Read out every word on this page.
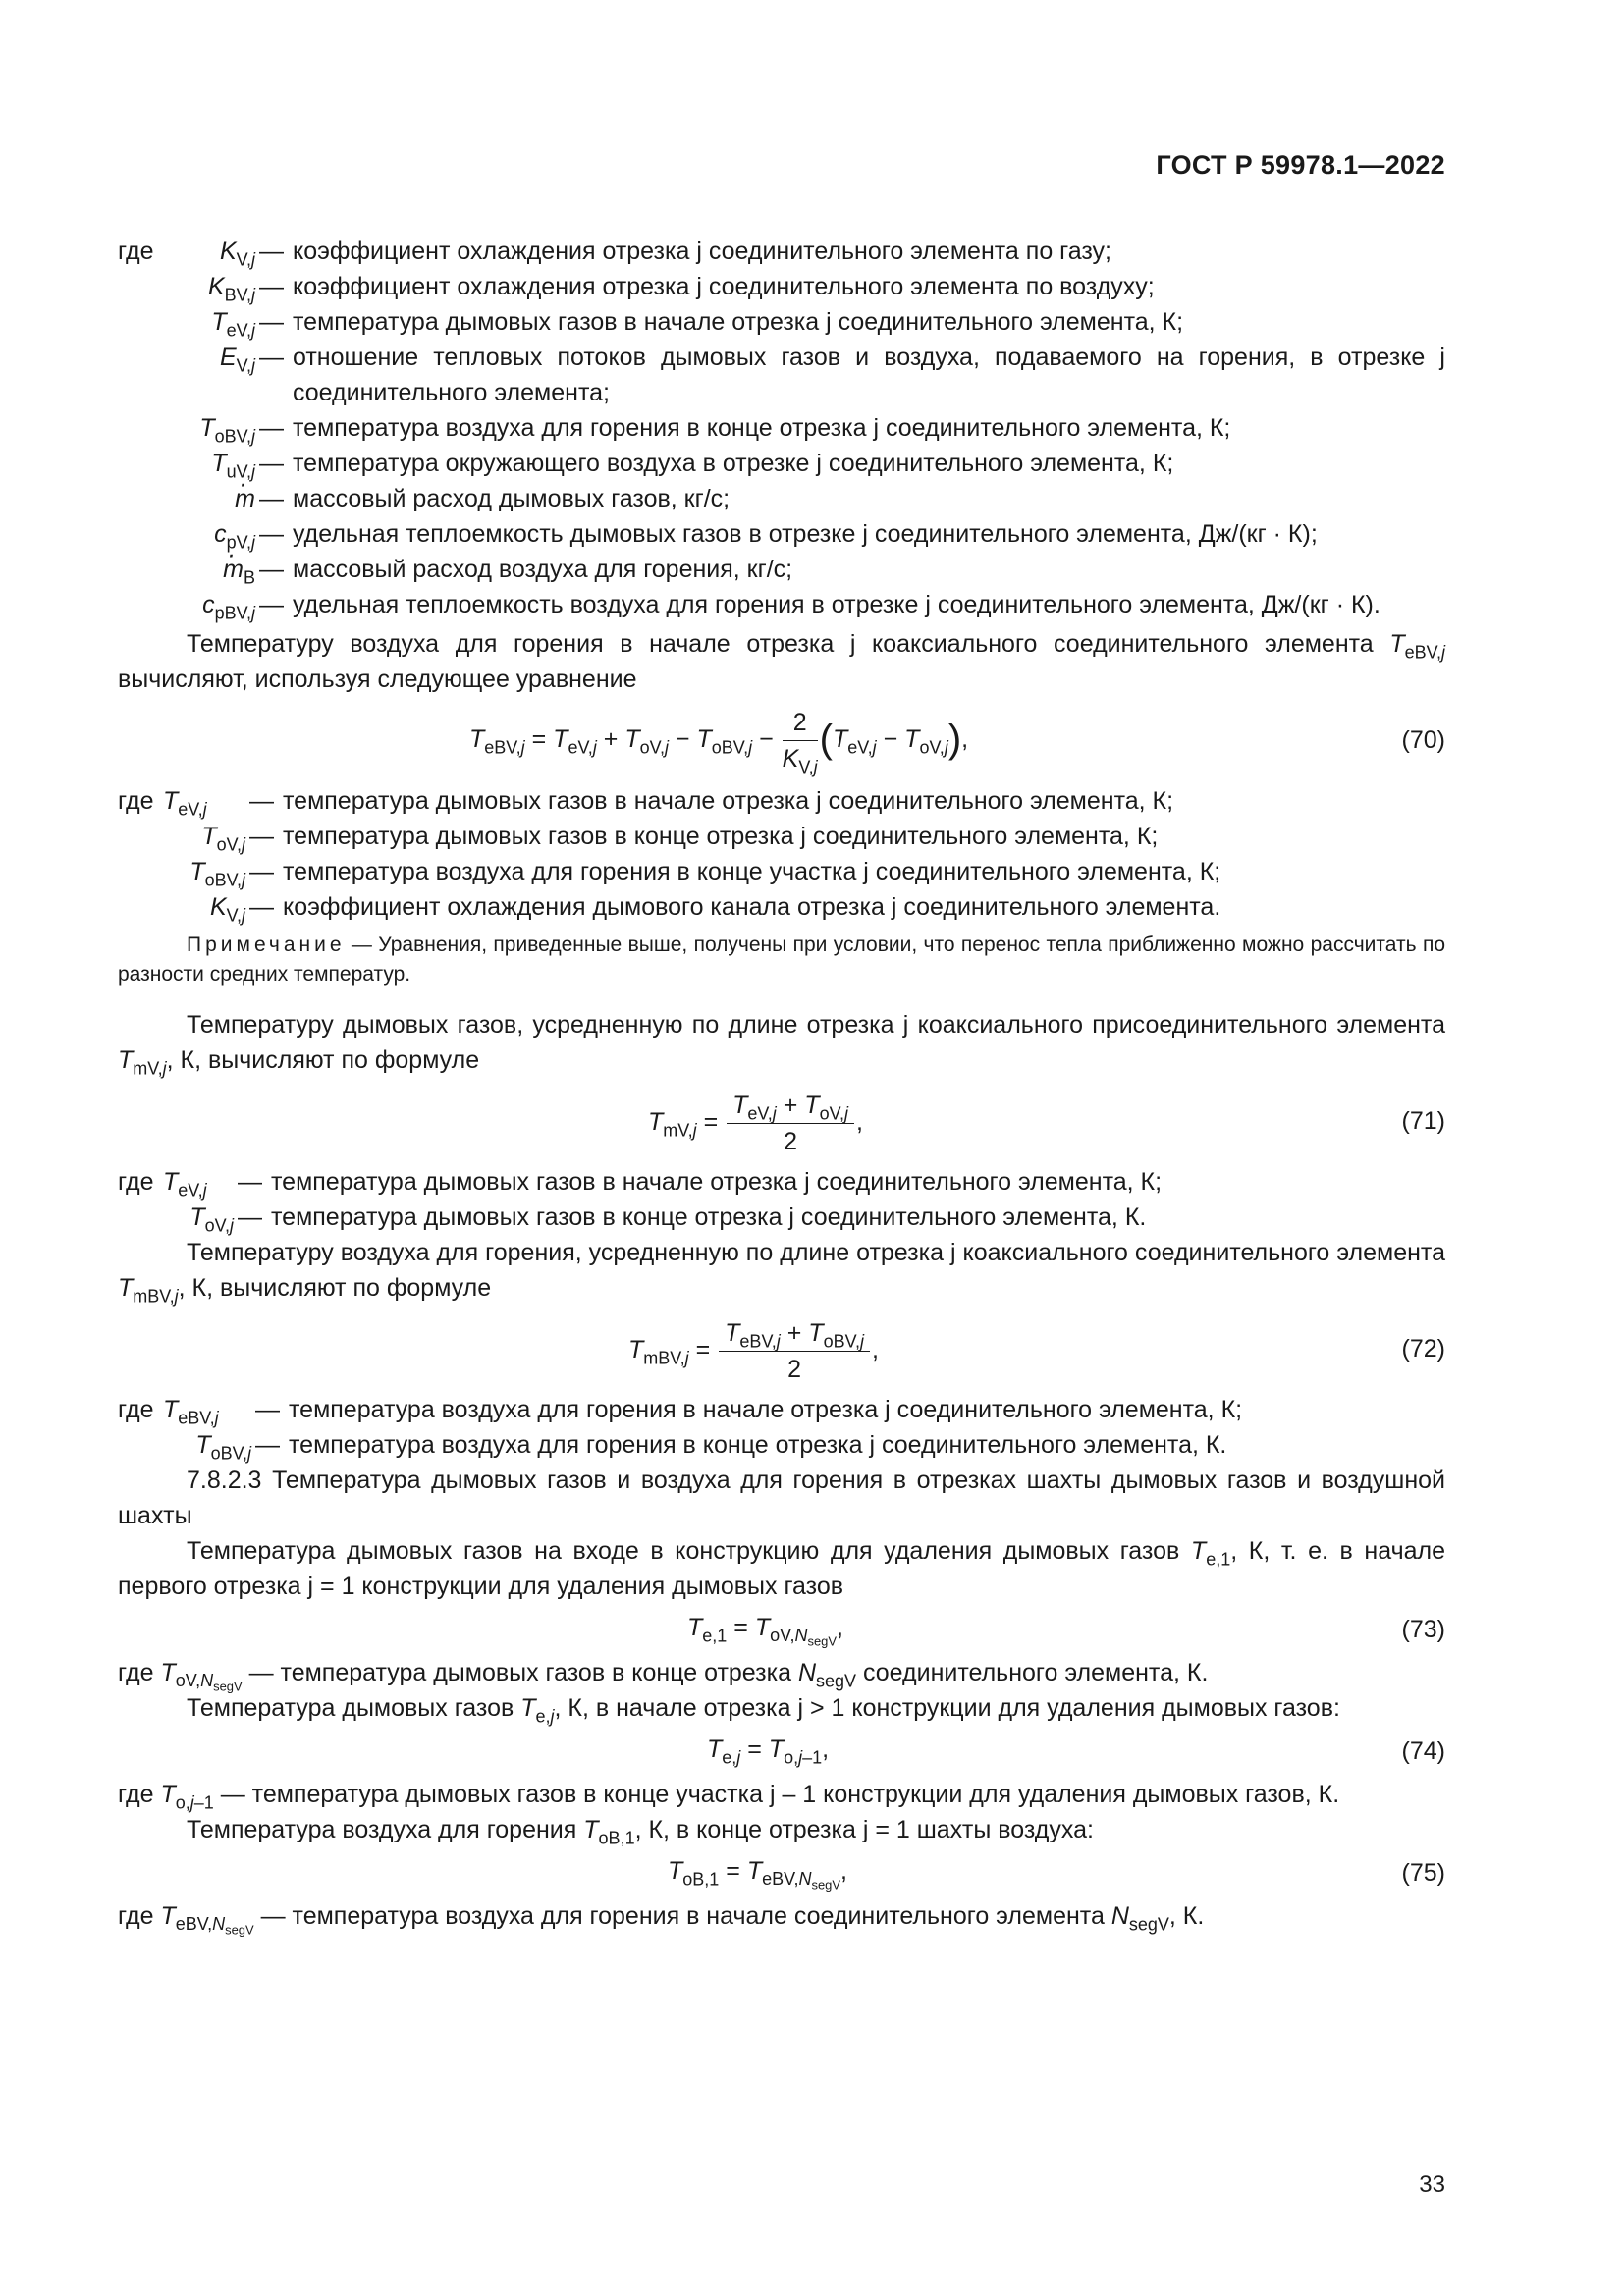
ГОСТ Р 59978.1—2022
где	$K_{V,j}$	—	коэффициент охлаждения отрезка j соединительного элемента по газу;
	$K_{BV,j}$	—	коэффициент охлаждения отрезка j соединительного элемента по воздуху;
	$T_{eV,j}$	—	температура дымовых газов в начале отрезка j соединительного элемента, К;
	$E_{V,j}$	—	отношение тепловых потоков дымовых газов и воздуха, подаваемого на горения, в отрезке j соединительного элемента;
	$T_{oBV,j}$	—	температура воздуха для горения в конце отрезка j соединительного элемента, К;
	$T_{uV,j}$	—	температура окружающего воздуха в отрезке j соединительного элемента, К;
	· m	—	массовый расход дымовых газов, кг/с;
	$c_{pV,j}$	—	удельная теплоемкость дымовых газов в отрезке j соединительного элемента, Дж/(кг · К);
	· $m_B$	—	массовый расход воздуха для горения, кг/с;
	$c_{pBV,j}$	—	удельная теплоемкость воздуха для горения в отрезке j соединительного элемента, Дж/(кг · К).

Температуру воздуха для горения в начале отрезка j коаксиального соединительного элемента $T_{eBV,j}$ вычисляют, используя следующее уравнение

$T_{eBV,j} = T_{eV,j} + T_{oV,j} - T_{oBV,j} - \frac{2}{K_{V,j}} (T_{eV,j} - T_{oV,j})$,	(70)
где	$T_{eV,j}$	—	температура дымовых газов в начале отрезка j соединительного элемента, К;
	$T_{oV,j}$	—	температура дымовых газов в конце отрезка j соединительного элемента, К;
	$T_{oBV,j}$	—	температура воздуха для горения в конце участка j соединительного элемента, К;
	$K_{V,j}$	—	коэффициент охлаждения дымового канала отрезка j соединительного элемента.

Примечание — Уравнения, приведенные выше, получены при условии, что перенос тепла приближенно можно рассчитать по разности средних температур.

Температуру дымовых газов, усредненную по длине отрезка j коаксиального присоединительного элемента $T_{mV,j}$, К, вычисляют по формуле

$T_{mV,j} = \frac{T_{eV,j} + T_{oV,j}}{2}$ ,	(71)
где	$T_{eV,j}$	—	температура дымовых газов в начале отрезка j соединительного элемента, К;
	$T_{oV,j}$	—	температура дымовых газов в конце отрезка j соединительного элемента, К.

Температуру воздуха для горения, усредненную по длине отрезка j коаксиального соединительного элемента $T_{mBV,j}$, К, вычисляют по формуле

$T_{mBV,j} = \frac{T_{eBV,j} + T_{oBV,j}}{2}$ ,	(72)
где	$T_{eBV,j}$	—	температура воздуха для горения в начале отрезка j соединительного элемента, К;
	$T_{oBV,j}$	—	температура воздуха для горения в конце отрезка j соединительного элемента, К.

7.8.2.3 Температура дымовых газов и воздуха для горения в отрезках шахты дымовых газов и воздушной шахты

Температура дымовых газов на входе в конструкцию для удаления дымовых газов $T_{e,1}$, К, т. е. в начале первого отрезка j = 1 конструкции для удаления дымовых газов

$T_{e,1} = T_{oV,N_{segV}}$,	(73)

где $T_{oV,N_{segV}}$ — температура дымовых газов в конце отрезка $N_{segV}$ соединительного элемента, К.

Температура дымовых газов $T_{e,j}$, К, в начале отрезка j > 1 конструкции для удаления дымовых газов:

$T_{e,j} = T_{o,j-1}$,	(74)

где $T_{o,j-1}$ — температура дымовых газов в конце участка j – 1 конструкции для удаления дымовых газов, К.

Температура воздуха для горения $T_{oB,1}$, К, в конце отрезка j = 1 шахты воздуха:

$T_{oB,1} = T_{eBV,N_{segV}}$,	(75)

где $T_{eBV,N_{segV}}$ — температура воздуха для горения в начале соединительного элемента $N_{segV}$, К.

33
